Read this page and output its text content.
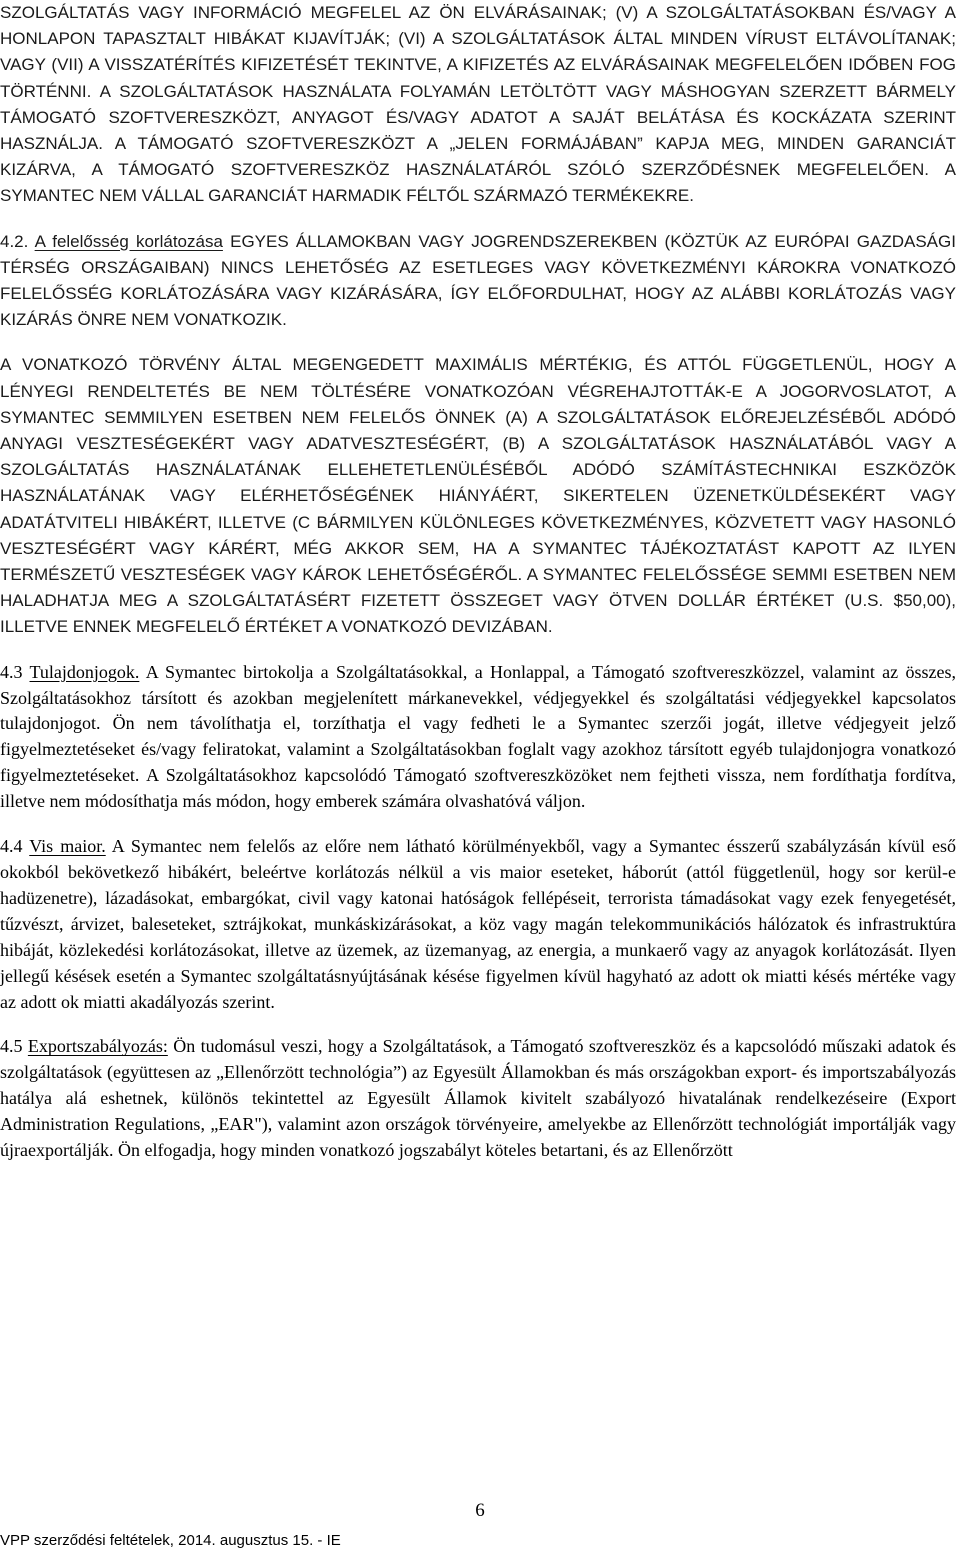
SZOLGÁLTATÁS VAGY INFORMÁCIÓ MEGFELEL AZ ÖN ELVÁRÁSAINAK; (V) A SZOLGÁLTATÁSOKBAN ÉS/VAGY A HONLAPON TAPASZTALT HIBÁKAT KIJAVÍTJÁK; (VI) A SZOLGÁLTATÁSOK ÁLTAL MINDEN VÍRUST ELTÁVOLÍTANAK; VAGY (VII) A VISSZATÉRÍTÉS KIFIZETÉSÉT TEKINTVE, A KIFIZETÉS AZ ELVÁRÁSAINAK MEGFELELŐEN IDŐBEN FOG TÖRTÉNNI. A SZOLGÁLTATÁSOK HASZNÁLATA FOLYAMÁN LETÖLTÖTT VAGY MÁSHOGYAN SZERZETT BÁRMELY TÁMOGATÓ SZOFTVERESZKÖZT, ANYAGOT ÉS/VAGY ADATOT A SAJÁT BELÁTÁSA ÉS KOCKÁZATA SZERINT HASZNÁLJA. A TÁMOGATÓ SZOFTVERESZKÖZT A „JELEN FORMÁJÁBAN” KAPJA MEG, MINDEN GARANCIÁT KIZÁRVA, A TÁMOGATÓ SZOFTVERESZKÖZ HASZNÁLATÁRÓL SZÓLÓ SZERZŐDÉSNEK MEGFELELŐEN. A SYMANTEC NEM VÁLLAL GARANCIÁT HARMADIK FÉLTŐL SZÁRMAZÓ TERMÉKEKRE.

4.2. A felelősség korlátozása EGYES ÁLLAMOKBAN VAGY JOGRENDSZEREKBEN (KÖZTÜK AZ EURÓPAI GAZDASÁGI TÉRSÉG ORSZÁGAIBAN) NINCS LEHETŐSÉG AZ ESETLEGES VAGY KÖVETKEZMÉNYI KÁROKRA VONATKOZÓ FELELŐSSÉG KORLÁTOZÁSÁRA VAGY KIZÁRÁSÁRA, ÍGY ELŐFORDULHAT, HOGY AZ ALÁBBI KORLÁTOZÁS VAGY KIZÁRÁS ÖNRE NEM VONATKOZIK.

A VONATKOZÓ TÖRVÉNY ÁLTAL MEGENGEDETT MAXIMÁLIS MÉRTÉKIG, ÉS ATTÓL FÜGGETLENÜL, HOGY A LÉNYEGI RENDELTETÉS BE NEM TÖLTÉSÉRE VONATKOZÓAN VÉGREHAJTOTTÁK-E A JOGORVOSLATOT, A SYMANTEC SEMMILYEN ESETBEN NEM FELELŐS ÖNNEK (A) A SZOLGÁLTATÁSOK ELŐREJELZÉSÉBŐL ADÓDÓ ANYAGI VESZTESÉGEKÉRT VAGY ADATVESZTESÉGÉRT, (B) A SZOLGÁLTATÁSOK HASZNÁLATÁBÓL VAGY A SZOLGÁLTATÁS HASZNÁLATÁNAK ELLEHETETLENÜLÉSÉBŐL ADÓDÓ SZÁMÍTÁSTECHNIKAI ESZKÖZÖK HASZNÁLATÁNAK VAGY ELÉRHETŐSÉGÉNEK HIÁNYÁÉRT, SIKERTELEN ÜZENETKÜLDÉSEKÉRT VAGY ADATÁTVITELI HIBÁKÉRT, ILLETVE (C BÁRMILYEN KÜLÖNLEGES KÖVETKEZMÉNYES, KÖZVETETT VAGY HASONLÓ VESZTESÉGÉRT VAGY KÁRÉRT, MÉG AKKOR SEM, HA A SYMANTEC TÁJÉKOZTATÁST KAPOTT AZ ILYEN TERMÉSZETŰ VESZTESÉGEK VAGY KÁROK LEHETŐSÉGÉRŐL. A SYMANTEC FELELŐSSÉGE SEMMI ESETBEN NEM HALADHATJA MEG A SZOLGÁLTATÁSÉRT FIZETETT ÖSSZEGET VAGY ÖTVEN DOLLÁR ÉRTÉKET (U.S. $50,00), ILLETVE ENNEK MEGFELELŐ ÉRTÉKET A VONATKOZÓ DEVIZÁBAN.

4.3 Tulajdonjogok. A Symantec birtokolja a Szolgáltatásokkal, a Honlappal, a Támogató szoftvereszközzel, valamint az összes, Szolgáltatásokhoz társított és azokban megjelenített márkanevekkel, védjegyekkel és szolgáltatási védjegyekkel kapcsolatos tulajdonjogot. Ön nem távolíthatja el, torzíthatja el vagy fedheti le a Symantec szerzői jogát, illetve védjegyeit jelző figyelmeztetéseket és/vagy feliratokat, valamint a Szolgáltatásokban foglalt vagy azokhoz társított egyéb tulajdonjogra vonatkozó figyelmeztetéseket. A Szolgáltatásokhoz kapcsolódó Támogató szoftvereszközöket nem fejtheti vissza, nem fordíthatja fordítva, illetve nem módosíthatja más módon, hogy emberek számára olvashatóvá váljon.

4.4 Vis maior. A Symantec nem felelős az előre nem látható körülményekből, vagy a Symantec ésszerű szabályzásán kívül eső okokból bekövetkező hibákért, beleértve korlátozás nélkül a vis maior eseteket, háborút (attól függetlenül, hogy sor kerül-e hadüzenetre), lázadásokat, embargókat, civil vagy katonai hatóságok fellépéseit, terrorista támadásokat vagy ezek fenyegetését, tűzvészt, árvizet, baleseteket, sztrájkokat, munkáskizárásokat, a köz vagy magán telekommunikációs hálózatok és infrastruktúra hibáját, közlekedési korlátozásokat, illetve az üzemek, az üzemanyag, az energia, a munkaerő vagy az anyagok korlátozását. Ilyen jellegű késések esetén a Symantec szolgáltatásnyújtásának késése figyelmen kívül hagyható az adott ok miatti késés mértéke vagy az adott ok miatti akadályozás szerint.

4.5 Exportszabályozás: Ön tudomásul veszi, hogy a Szolgáltatások, a Támogató szoftvereszköz és a kapcsolódó műszaki adatok és szolgáltatások (együttesen az „Ellenőrzött technológia”) az Egyesült Államokban és más országokban export- és importszabályozás hatálya alá eshetnek, különös tekintettel az Egyesült Államok kivitelt szabályozó hivatalának rendelkezéseire (Export Administration Regulations, „EAR"), valamint azon országok törvényeire, amelyekbe az Ellenőrzött technológiát importálják vagy újraexportálják. Ön elfogadja, hogy minden vonatkozó jogszabályt köteles betartani, és az Ellenőrzött

6
VPP szerződési feltételek, 2014. augusztus 15. - IE
